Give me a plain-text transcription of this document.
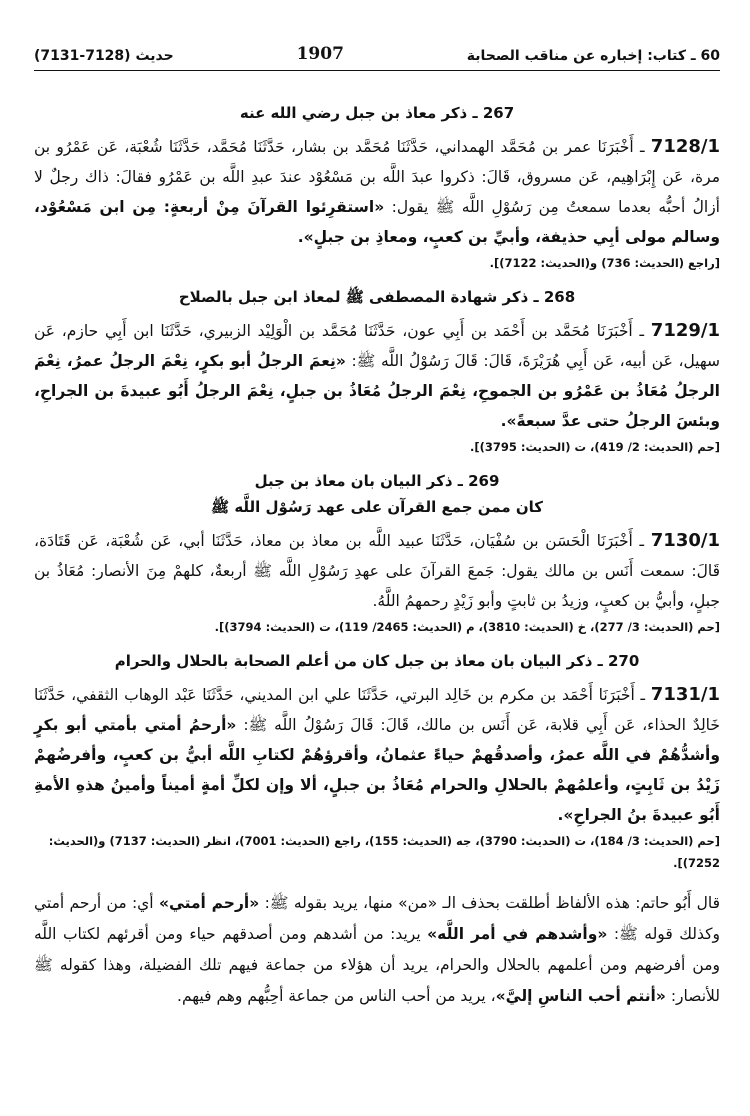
60 ـ كتاب: إخباره عن مناقب الصحابة
1907
حديث (7128-7131)
267 ـ ذكر معاذ بن جبل رضي الله عنه
7128/1 ـ أَخْبَرَنَا عمر بن مُحَمَّد الهمداني، حَدَّثَنَا مُحَمَّد بن بشار، حَدَّثَنَا مُحَمَّد، حَدَّثَنَا شُعْبَة، عَن عَمْرُو بن مرة، عَن إِبْرَاهِيم، عَن مسروق، قَالَ: ذكروا عبدَ اللَّه بن مَسْعُوْد عندَ عبدِ اللَّه بن عَمْرُو فقالَ: ذاك رجلٌ لا أزالُ أحبُّه بعدما سمعتُ مِن رَسُوْلِ اللَّه ﷺ يقول: «استقرِئوا القرآنَ مِنْ أربعةٍ: مِن ابن مَسْعُوْد، وسالم مولى أبِي حذيفة، وأبيِّ بن كعبٍ، ومعاذِ بن جبلٍ».
[راجع (الحديث: 736) و(الحديث: 7122)].
268 ـ ذكر شهادة المصطفى ﷺ لمعاذ ابن جبل بالصلاح
7129/1 ـ أَخْبَرَنَا مُحَمَّد بن أَحْمَد بن أَبِي عون، حَدَّثَنَا مُحَمَّد بن الْوَلِيْد الزبيري، حَدَّثَنَا ابن أَبِي حازم، عَن سهيل، عَن أبيه، عَن أَبِي هُرَيْرَةَ، قَالَ: قَالَ رَسُوْلُ اللَّه ﷺ: «نِعمَ الرجلُ أبو بكرٍ، نِعْمَ الرجلُ عمرُ، نِعْمَ الرجلُ مُعَاذُ بن عَمْرُو بن الجموحِ، نِعْمَ الرجلُ مُعَاذُ بن جبلٍ، نِعْمَ الرجلُ أَبُو عبيدةَ بن الجراحِ، وبئسَ الرجلُ حتى عدَّ سبعةً».
[حم (الحديث: 2/ 419)، ت (الحديث: 3795)].
269 ـ ذكر البيان بان معاذ بن جبل
كان ممن جمع القرآن على عهد رَسُوْل اللَّه ﷺ
7130/1 ـ أَخْبَرَنَا الْحَسَن بن سُفْيَان، حَدَّثَنَا عبيد اللَّه بن معاذ بن معاذ، حَدَّثَنَا أبي، عَن شُعْبَة، عَن قَتَادَة، قَالَ: سمعت أَنَس بن مالك يقول: جَمعَ القرآنَ على عهدِ رَسُوْلِ اللَّه ﷺ أربعةٌ، كلهمْ مِنَ الأنصار: مُعَاذُ بن جبلٍ، وأبيُّ بن كعبٍ، وزيدُ بن ثابتٍ وأبو زَيْدٍ رحمهمُ اللَّهُ.
[حم (الحديث: 3/ 277)، خ (الحديث: 3810)، م (الحديث: 2465/ 119)، ت (الحديث: 3794)].
270 ـ ذكر البيان بان معاذ بن جبل كان من أعلم الصحابة بالحلال والحرام
7131/1 ـ أَخْبَرَنَا أَحْمَد بن مكرم بن خَالِد البرتي، حَدَّثَنَا علي ابن المديني، حَدَّثَنَا عَبْد الوهاب الثقفي، حَدَّثَنَا خَالِدٌ الحذاء، عَن أَبِي قلابة، عَن أَنَس بن مالك، قَالَ: قَالَ رَسُوْلُ اللَّه ﷺ: «أرحمُ أمتي بأمتي أبو بكرٍ وأشدُّهُمْ في اللَّه عمرُ، وأصدقُهمْ حياءً عثمانُ، وأقرؤهُمْ لكتابِ اللَّه أبيُّ بن كعبٍ، وأفرضُهمْ زَيْدُ بن ثَابِتٍ، وأعلمُهمْ بالحلالِ والحرام مُعَاذُ بن جبلٍ، ألا وإن لكلِّ أمةٍ أميناً وأمينُ هذهِ الأمةِ أَبُو عبيدةَ بنُ الجراحِ».
[حم (الحديث: 3/ 184)، ت (الحديث: 3790)، جه (الحديث: 155)، راجع (الحديث: 7001)، انظر (الحديث: 7137) و(الحديث: 7252)].
قال أَبُو حاتم: هذه الألفاظ أطلقت بحذف الـ «من» منها، يريد بقوله ﷺ: «أرحم أمتي» أي: من أرحم أمتي وكذلك قوله ﷺ: «وأشدهم في أمر اللَّه» يريد: من أشدهم ومن أصدقهم حياء ومن أقرئهم لكتاب اللَّه ومن أفرضهم ومن أعلمهم بالحلال والحرام، يريد أن هؤلاء من جماعة فيهم تلك الفضيلة، وهذا كقوله ﷺ للأنصار: «أنتم أحب الناسِ إليَّ»، يريد من أحب الناس من جماعة أحِبُّهم وهم فيهم.
